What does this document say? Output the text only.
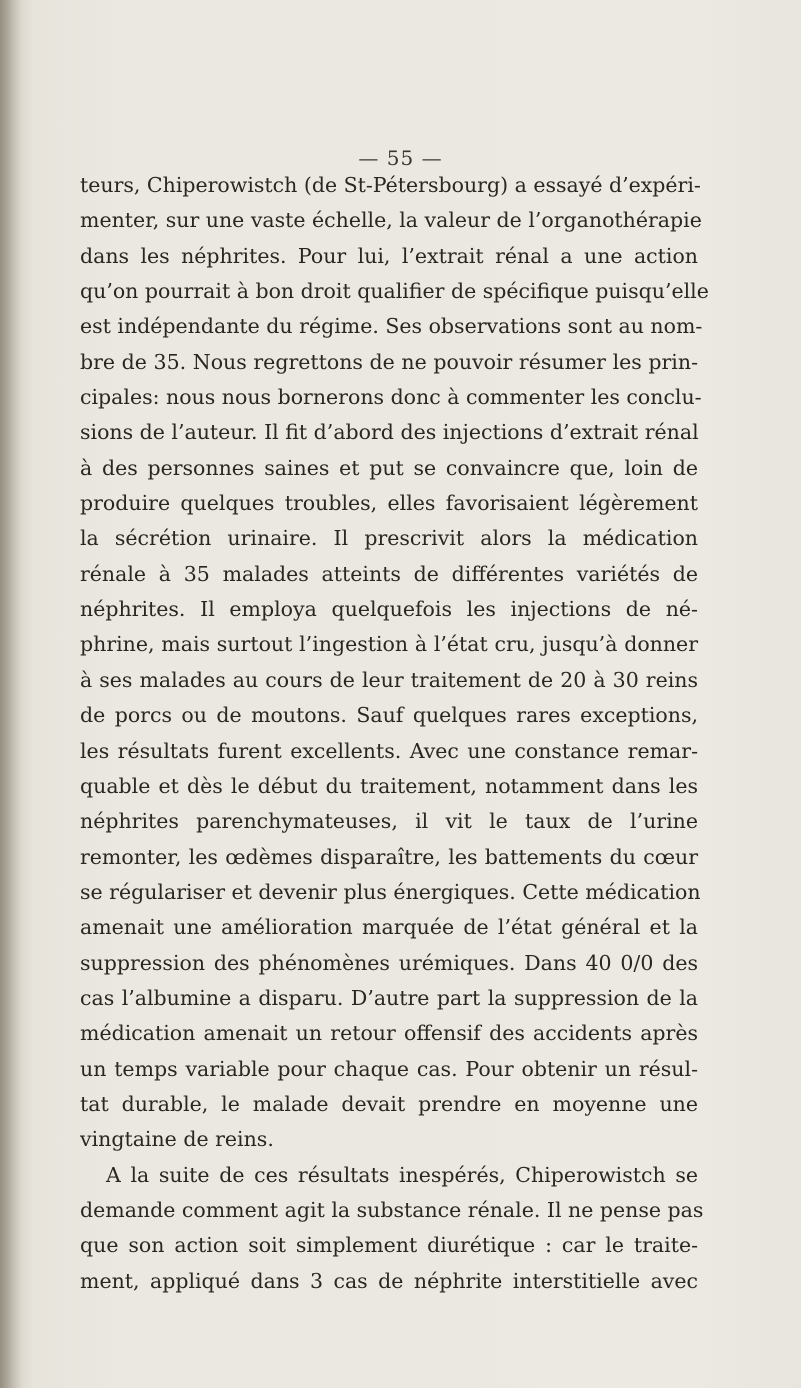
— 55 —
teurs, Chiperowistch (de St-Pétersbourg) a essayé d’expéri-
menter, sur une vaste échelle, la valeur de l’organothérapie
dans les néphrites. Pour lui, l’extrait rénal a une action
qu’on pourrait à bon droit qualifier de spécifique puisqu’elle
est indépendante du régime. Ses observations sont au nom-
bre de 35. Nous regrettons de ne pouvoir résumer les prin-
cipales: nous nous bornerons donc à commenter les conclu-
sions de l’auteur. Il fit d’abord des injections d’extrait rénal
à des personnes saines et put se convaincre que, loin de
produire quelques troubles, elles favorisaient légèrement
la sécrétion urinaire. Il prescrivit alors la médication
rénale à 35 malades atteints de différentes variétés de
néphrites. Il employa quelquefois les injections de né-
phrine, mais surtout l’ingestion à l’état cru, jusqu’à donner
à ses malades au cours de leur traitement de 20 à 30 reins
de porcs ou de moutons. Sauf quelques rares exceptions,
les résultats furent excellents. Avec une constance remar-
quable et dès le début du traitement, notamment dans les
néphrites parenchymateuses, il vit le taux de l’urine
remonter, les œdèmes disparaître, les battements du cœur
se régulariser et devenir plus énergiques. Cette médication
amenait une amélioration marquée de l’état général et la
suppression des phénomènes urémiques. Dans 40 0/0 des
cas l’albumine a disparu. D’autre part la suppression de la
médication amenait un retour offensif des accidents après
un temps variable pour chaque cas. Pour obtenir un résul-
tat durable, le malade devait prendre en moyenne une
vingtaine de reins.
A la suite de ces résultats inespérés, Chiperowistch se
demande comment agit la substance rénale. Il ne pense pas
que son action soit simplement diurétique : car le traite-
ment, appliqué dans 3 cas de néphrite interstitielle avec
